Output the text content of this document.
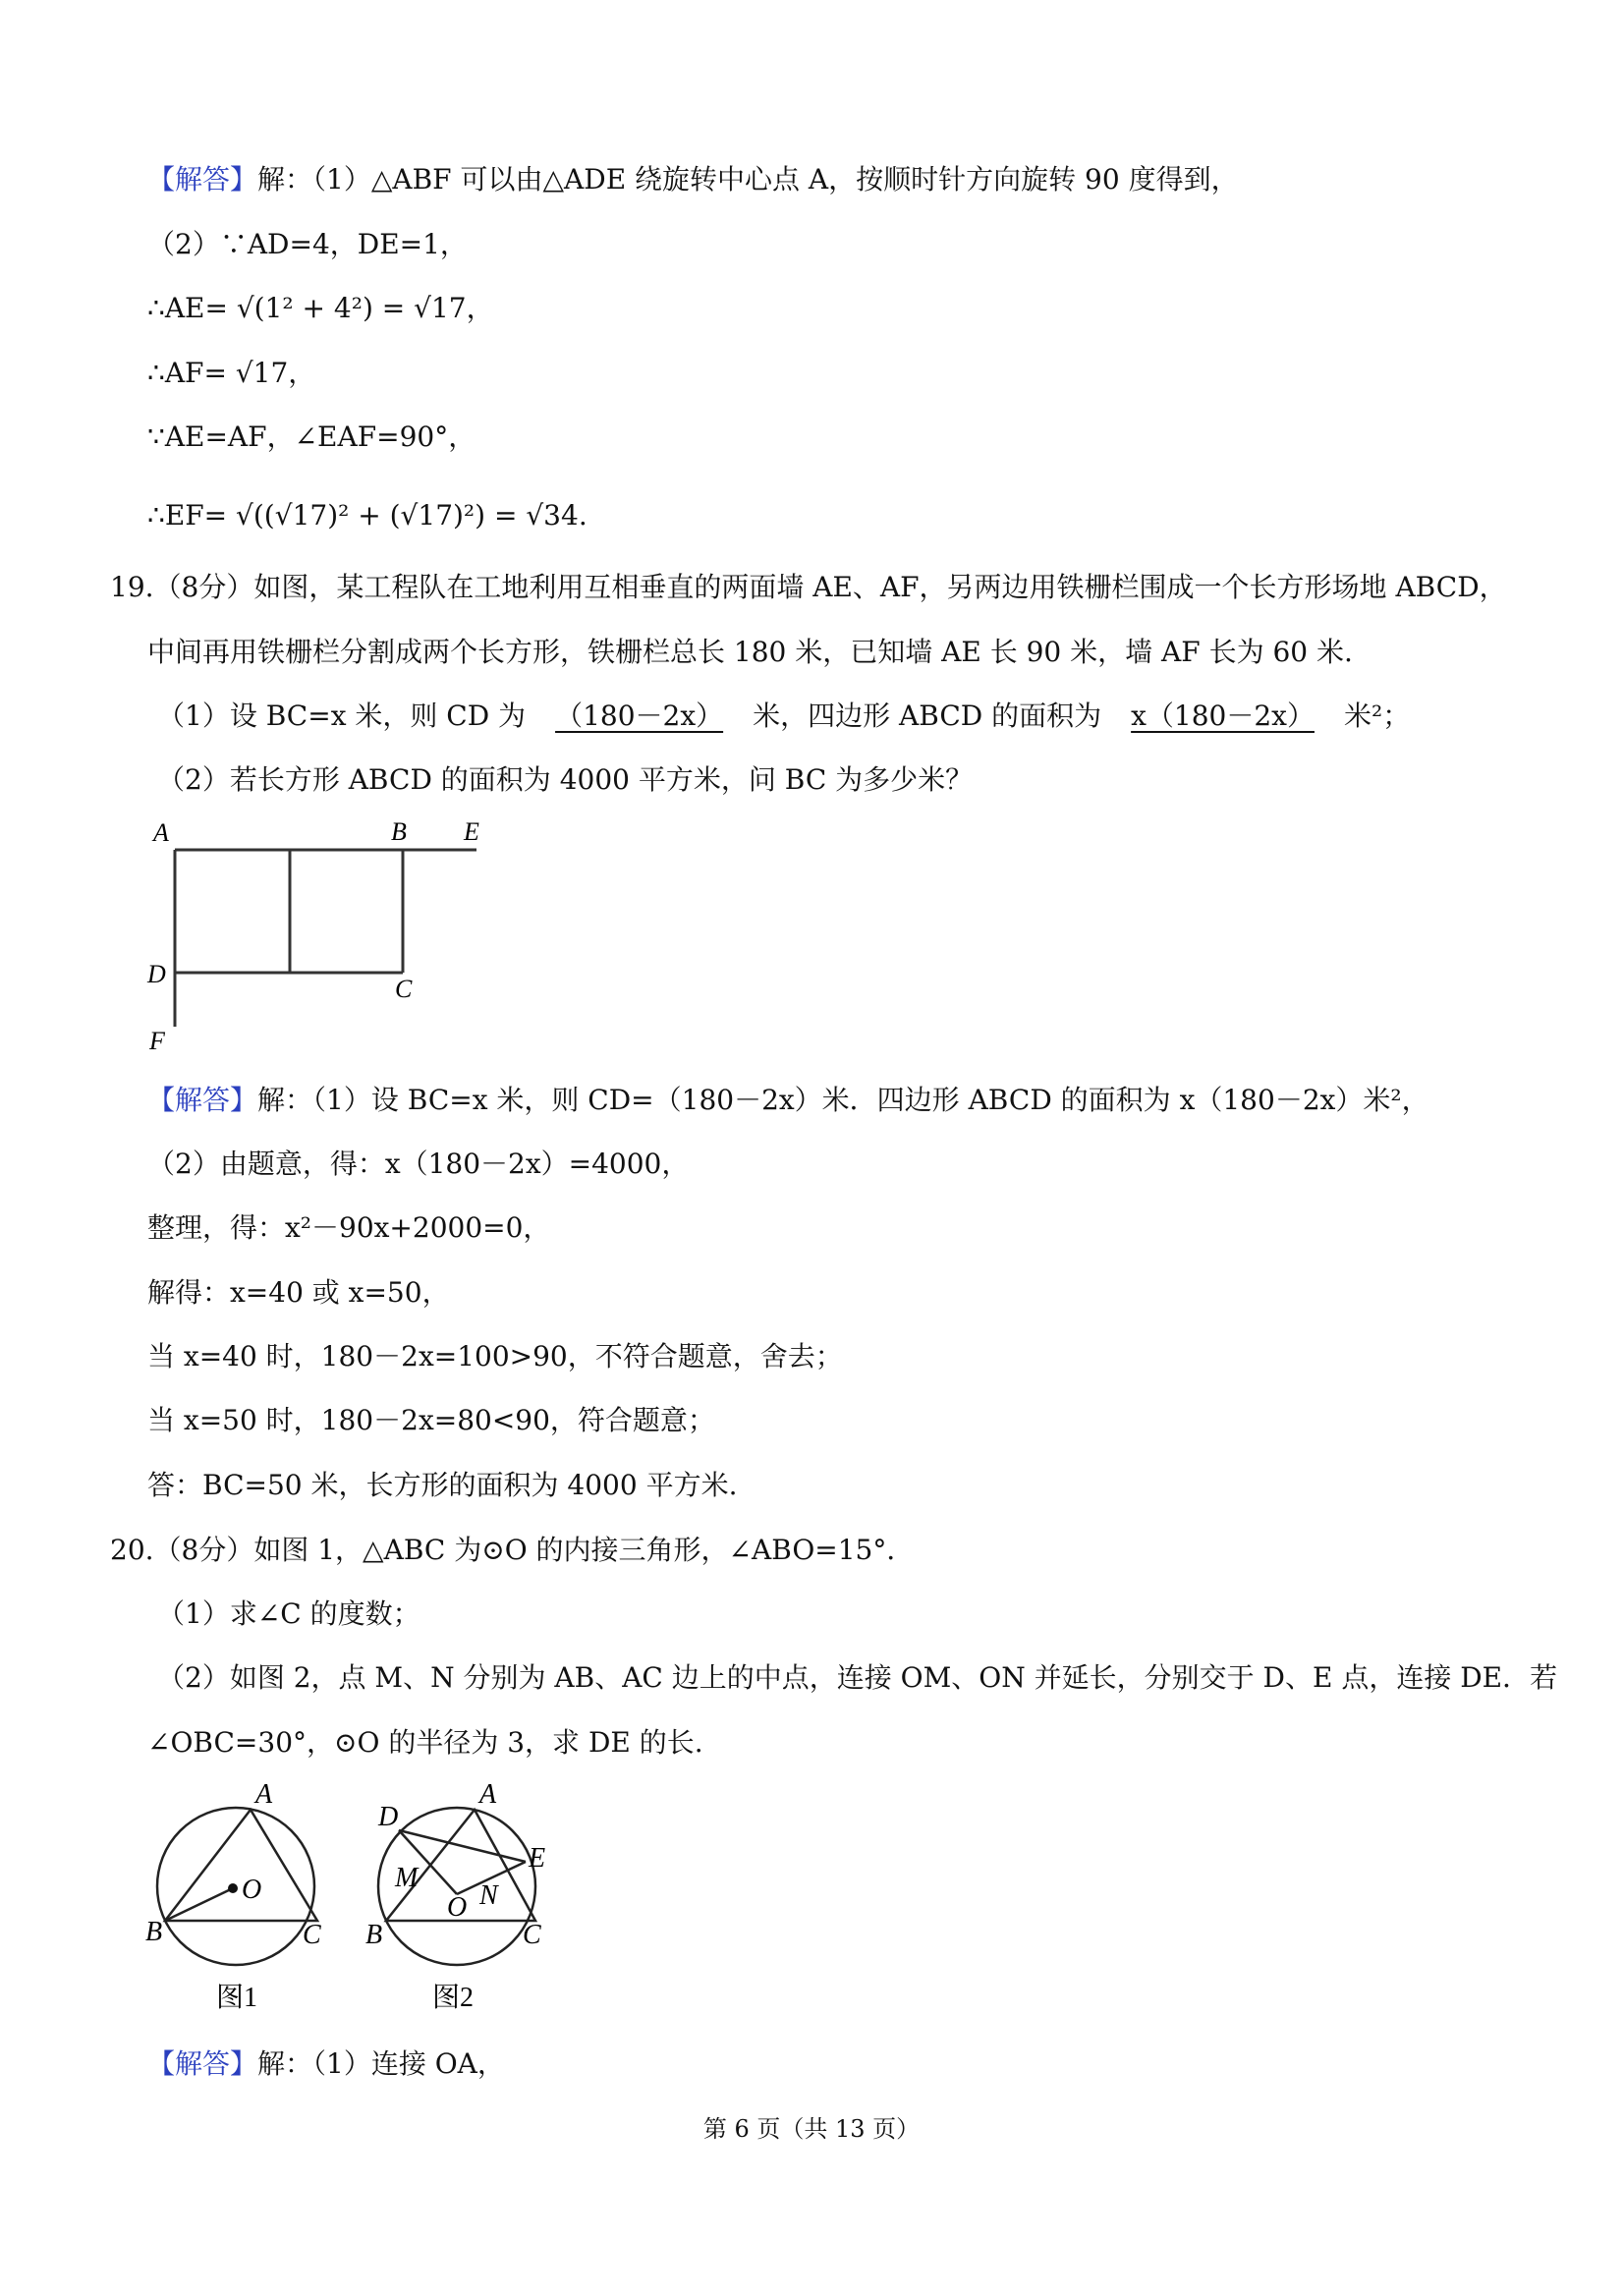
【解答】解：（1）△ABF 可以由△ADE 绕旋转中心点 A，按顺时针方向旋转 90 度得到，
（2）∵AD=4，DE=1，
∴AE= √(1² + 4²) = √17，
∴AF= √17，
∵AE=AF，∠EAF=90°，
∴EF= √((√17)² + (√17)²) = √34.
19.（8分）如图，某工程队在工地利用互相垂直的两面墙 AE、AF，另两边用铁栅栏围成一个长方形场地 ABCD，
中间再用铁栅栏分割成两个长方形，铁栅栏总长 180 米，已知墙 AE 长 90 米，墙 AF 长为 60 米.
（1）设 BC=x 米，则 CD 为 （180－2x） 米，四边形 ABCD 的面积为 x（180－2x） 米²；
（2）若长方形 ABCD 的面积为 4000 平方米，问 BC 为多少米？
A	B E
D
C
F
【解答】解：（1）设 BC=x 米，则 CD=（180－2x）米．四边形 ABCD 的面积为 x（180－2x）米²，
（2）由题意，得：x（180－2x）=4000，
整理，得：x²－90x+2000=0，
解得：x=40 或 x=50，
当 x=40 时，180－2x=100>90，不符合题意，舍去；
当 x=50 时，180－2x=80<90，符合题意；
答：BC=50 米，长方形的面积为 4000 平方米.
20.（8分）如图 1，△ABC 为⊙O 的内接三角形，∠ABO=15°．
（1）求∠C 的度数；
（2）如图 2，点 M、N 分别为 AB、AC 边上的中点，连接 OM、ON 并延长，分别交于 D、E 点，连接 DE．若
∠OBC=30°，⊙O 的半径为 3，求 DE 的长.
A
O
B	C
图1
D
A
E
M
N
O
B	C
图2
【解答】解：（1）连接 OA，
第 6 页（共 13 页）
